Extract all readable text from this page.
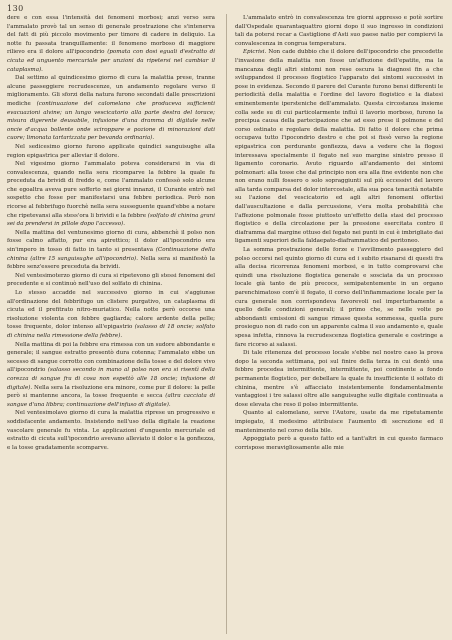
130

dere e con essa l'intensità dei fenomeni morbosi; anzi verso sera l'ammalato provò tal un senso di generale prostrazione che s'intenerva del fatt di più piccolo movimento per timore di cadere in deliquio. La notte fu passata tranquillamente: il fenomeno morboso di maggiore rilievo era il dolore all'ipocondrio (pomata con dosi eguali d'estratto di cicuta ed unguento mercuriale per unzioni da ripetersi nel cambiar il cataplasma).

Dal settimo al quindicesimo giorno di cura la malattia prese, tranne alcune passeggiere recrudescenze, un andamento regolare verso il miglioramento. Gli sforzi della natura furono secondati dalle prescrizioni mediche (continuazione del calomelano che produceva sufficienti evacuazioni alvine; un lungo vescicatorio alla parte destra del torace; misura digerente deusabile, infusione d'una dramma di digitale nelle oncie d'acqua bollente onde sciroppare e pozione di minorazioni dati cuore; limonata tartarizzata per bevanda ordinaria).

Nel sedicesimo giorno furono applicate quindici sanguisughe alla region epigastrica per alleviar il dolore.

Nel vigesimo giorno l'ammalato poteva considerarsi in via di convalescenza, quando nella sera ricomparve la febbre la quale fu preceduta da brividi di freddo e, come l'ammalato confessò solo alcune che egoaltra aveva pure sofferto nei giorni innanzi, il Curante entrò nel sospetto che fosse per manifestarsi una febbre periodica. Però non ricorse al febbrifugo fuorchè nella sera susseguente quand'ebbe a notare che ripetevansi alla stess'ora li brividi e la febbre (solfato di chinina grani sei da prendersi in pillole dopo l'accesso).

Nella mattina del ventunesimo giorno di cura, abbenchè il polso non fosse calmo affatto, pur era apirettico; il dolor all'ipocondrio era sin'impero in tosso di fatto in tanto si presentava (Continuazione della chinina (altre 15 sanguisughe all'ipocondrio). Nella sera si manifestò la febbre senz'essere preceduta da brividi.

Nel ventesimoterzo giorno di cura si ripetevono gli stessi fenomeni del precedente e si continuò nell'uso del solfato di chinina.

Lo stesso accadde nel successivo giorno in cui s'aggiunse all'ordinazione del febbrifugo un clistere purgativo, un cataplasma di cicuta ed il prefitrato nitro-muriatico. Nella notte però occorse una risoluzione violenta con febbre gagliarda; calore ardente della pelle; tosse frequente, dolor intenso all'epigastrio (salasso di 18 oncie; solfato di chinina nella rimessione della febbre).

Nella mattina di poi la febbre era rimessa con un sudore abbondante e generale; il sangue estratto presentò dura cotenna; l'ammalato ebbe un secesso di sangue corrotto con combinazione della tosse e del dolore vivo all'ipocondrio (salasso secondo in mano al polso non era si risentì della corezza di sangue fra di cosa non espettò alle 18 oncie; infusione di digitale). Nella sera la risoluzione era minore, come pur il dolore: la pelle però si mantenne ancora, la tosse frequente e secca (altra cacciata di sangue d'una libbra; continuazione dell'infuso di digitale).

Nel ventesimolavo giorno di cura la malattia riprese un progressivo e soddisfacente andamento. Insistendo nell'uso della digitale la reazione vascolare generale fu vinta. Le applicazioni d'unguento mercuriale ed estratto di cicuta sull'ipocondrio avevano alleviato il dolor e la gonfiezza, e la tosse gradatamente scomparve.

L'ammalato entrò in convalescenza tre giorni appresso e potè sortire dall'Ospedale quarantaquattro giorni dopo il suo ingresso in condizioni tali da potersi recar a Castiglione d'Asti suo paese natio per compiervi la convalescenza in congrua temperatura.

Epicrisi. Non cade dubbio che il dolore dell'ipocondrio che precedette l'invasione della malattia non fosse un'affezione dell'epatite, ma la mancanza degli altri sintomi non rese oscura la diagnosi fin a che sviluppandosi il processo flogistico l'apparato dei sintomi successivi in pose in evidenza. Secondo il parere del Curante furono bensi differenti le periodicità della malattia e l'ordine del lavoro flogistico e la diatesi eminentemente ipersteniche dell'ammalato. Questa circostanza insieme colla sede su di cui particolarmente influì il lavorio morboso, furono la precipua causa della partecipazione che ad esso prese il polmone e del corso ostinato e regolare della malattia. Di fatto il dolore che prima occupava tutto l'ipocondrio destro e che poi si fissò verso la regione epigastrica con perdurante gonfiezza, dava a vedere che la flogosi interessava specialmente il fegato nel suo margine sinistro presso il ligamento coronario. Avuto riguardo all'andamento dei sintomi polmonari: alla tosse che dal principio non era alla fine evidente non che non erano nulli fossero o solo sopraggiunti sul più eccessivi del lavoro alla tarda comparsa del dolor intercostale, alla sua poca tenacità notabile su l'azione del vescicatorio ed agli altri fenomeni offertisi dall'auscultazione e dalla percussione, v'era molta probabilità che l'affezione polmonale fosse piuttosto un'effetto della stasi del processo flogistico e della circolazione per la pressione esercitata contro il diaframma dal margine ottuso del fegato nei punti in cui è imbrigliato dai ligamenti superiori della faldaepato-diaframmatico del peritoneo.

La somma prostrazione delle forze e l'avvilimento passeggiero del polso occorsi nel quinto giorno di cura ed i subito risanarsi di questi fra alla decisa ricorrenza fenomeni morbosi, e in tutto comprovarsi che quindi una risoluzione flogistica generale e sosciata da un processo locale già tanto de più precoce, semipatentemente in un organo parenchimatoso com'è il fegato, il corso dell'infiammazione locale per la cura generale non corrispondeva favorevoli nel imperturbamente a quello delle condizioni generali; il primo che, se nelle volte po abbondanti emissioni di sangue rimase questa sommessa, quella pure prosieguo non di rado con un apparente calma il suo andamento e, quale spesa infetta, rinnova la recrudescenza flogistica generale e costringe a fare ricorso ai salassi.

Di tale ritenenza del processo locale s'ebbe nel nostro caso la prova dopo la seconda settimana, poi sul finire della terza in cui dentò una febbre procedea intermittente, intermittente, poi continente a fondo permanente flogistico, per debellare la quale fu insufficiente il solfato di chinina, mentre s'è affacciato insistentemente fondamentalmente vantaggiosi i tre salassi oltre alle sanguisughe sulle digitale continuata a dose elevata che reso il polso intermittente.

Quanto al calomelano, serve l'Autore, usate da me ripetutamente impiegato, il medesimo attribuisce l'aumento di secrezione ed il mantenimento nel corso della bile.

Appoggiato però a questo fatto ed a tant'altri in cui questo farmaco corrispose meravigliosamente alle mie
